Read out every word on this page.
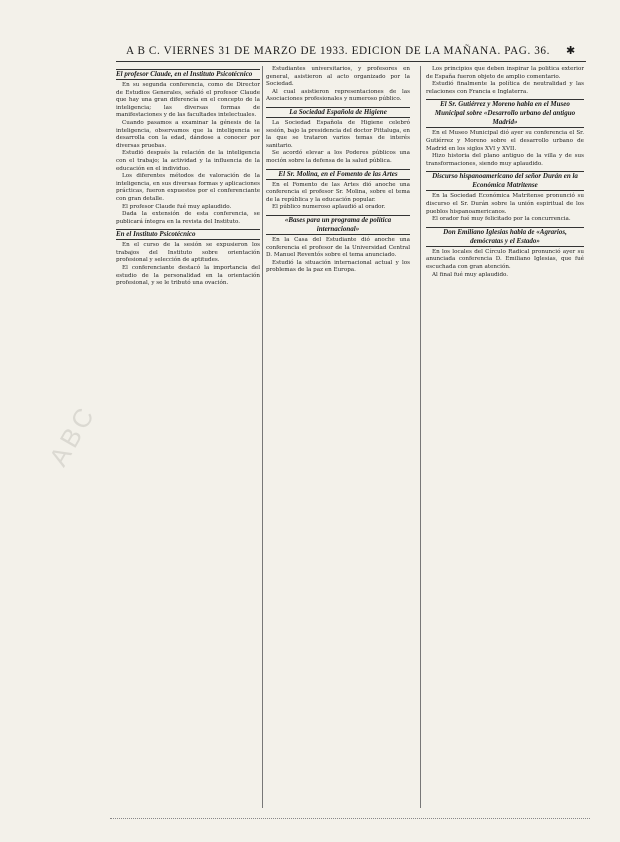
A B C. VIERNES 31 DE MARZO DE 1933. EDICION DE LA MAÑANA. PAG. 36.	✱
ABC
El profesor Claude, en el Instituto Psicotécnico

En su segunda conferencia, como de Director de Estudios Generales, señaló el profesor Claude que hay una gran diferencia en el concepto de la inteligencia; las diversas formas de manifestaciones y de las facultades intelectuales.

Cuando pasamos a examinar la génesis de la inteligencia, observamos que la inteligencia se desarrolla con la edad, dándose a conocer por diversas pruebas.

Estudió después la relación de la inteligencia con el trabajo; la actividad y la influencia de la educación en el individuo.

Los diferentes métodos de valoración de la inteligencia, en sus diversas formas y aplicaciones prácticas, fueron expuestos por el conferenciante con gran detalle.

El profesor Claude fué muy aplaudido.

Dada la extensión de esta conferencia, se publicará íntegra en la revista del Instituto.

En el Instituto Psicotécnico

En el curso de la sesión se expusieron los trabajos del Instituto sobre orientación profesional y selección de aptitudes.

El conferenciante destacó la importancia del estudio de la personalidad en la orientación profesional, y se le tributó una ovación.

Estudiantes universitarios, y profesores en general, asistieron al acto organizado por la Sociedad.

Al cual asistieron representaciones de las Asociaciones profesionales y numeroso público.

La Sociedad Española de Higiene

La Sociedad Española de Higiene celebró sesión, bajo la presidencia del doctor Pittaluga, en la que se trataron varios temas de interés sanitario.

Se acordó elevar a los Poderes públicos una moción sobre la defensa de la salud pública.

El Sr. Molina, en el Fomento de las Artes

En el Fomento de las Artes dió anoche una conferencia el profesor Sr. Molina, sobre el tema de la república y la educación popular.

El público numeroso aplaudió al orador.

«Bases para un programa de política internacional»

En la Casa del Estudiante dió anoche una conferencia el profesor de la Universidad Central D. Manuel Reventós sobre el tema anunciado.

Estudió la situación internacional actual y los problemas de la paz en Europa.

Los principios que deben inspirar la política exterior de España fueron objeto de amplio comentario.

Estudió finalmente la política de neutralidad y las relaciones con Francia e Inglaterra.

El Sr. Gutiérrez y Moreno habla en el Museo Municipal sobre «Desarrollo urbano del antiguo Madrid»

En el Museo Municipal dió ayer su conferencia el Sr. Gutiérrez y Moreno sobre el desarrollo urbano de Madrid en los siglos XVI y XVII.

Hizo historia del plano antiguo de la villa y de sus transformaciones, siendo muy aplaudido.

Discurso hispanoamericano del señor Durán en la Económica Matritense

En la Sociedad Económica Matritense pronunció su discurso el Sr. Durán sobre la unión espiritual de los pueblos hispanoamericanos.

El orador fué muy felicitado por la concurrencia.

Don Emiliano Iglesias habla de «Agrarios, demócratas y el Estado»

En los locales del Círculo Radical pronunció ayer su anunciada conferencia D. Emiliano Iglesias, que fué escuchada con gran atención.

Al final fué muy aplaudido.
